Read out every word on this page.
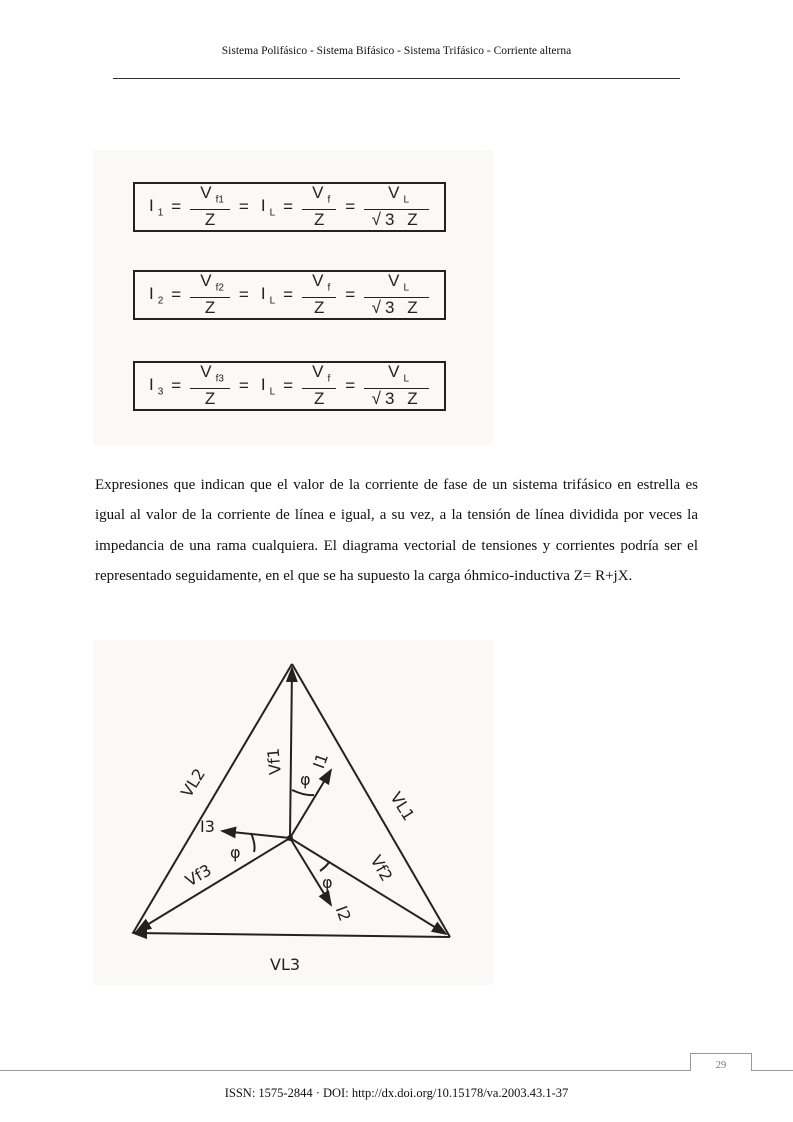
Sistema Polifásico - Sistema Bifásico - Sistema Trifásico - Corriente alterna
I $_1 = \frac{V _{f1}}{Z} = I$ $_L = \frac{V _f}{Z} = \frac{V _L}{√ 3 Z}$
I $_2 = \frac{V _{f2}}{Z} = I$ $_L = \frac{V _f}{Z} = \frac{V _L}{√ 3 Z}$
I $_3 = \frac{V _{f3}}{Z} = I$ $_L = \frac{V _f}{Z} = \frac{V _L}{√ 3 Z}$

Expresiones que indican que el valor de la corriente de fase de un sistema trifásico en estrella es igual al valor de la corriente de línea e igual, a su vez, a la tensión de línea dividida por veces la impedancia de una rama cualquiera. El diagrama vectorial de tensiones y corrientes podría ser el representado seguidamente, en el que se ha supuesto la carga óhmico-inductiva Z= R+jX.

VL2
VL1
VL3
Vf1
Vf3	Vf2
I1
I3
I2
φ
φ
φ
29
ISSN: 1575-2844 · DOI: http://dx.doi.org/10.15178/va.2003.43.1-37
